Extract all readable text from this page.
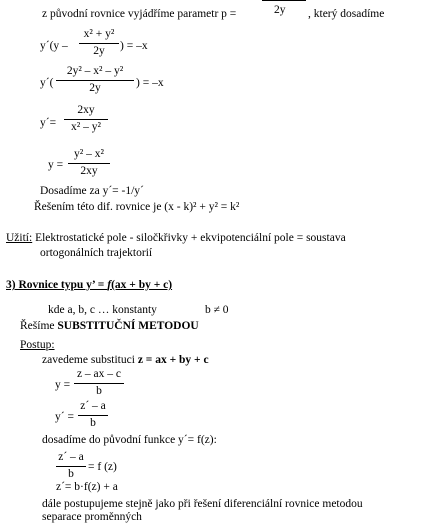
z původní rovnice vyjádříme parametr p =	2y , který dosadíme
y´(y – $\frac{\text{x² + y²}}{2y}$ ) = –x
y´( $\frac{\text{2y² – x² – y²}}{2y}$ ) = –x
y´= $\frac{2xy}{\text{x² – y²}}$
$y = \frac{\text{y² – x²}}{2xy}$
Dosadíme za y´= -1/y´
Řešením této dif. rovnice je (x - k)² + y² = k²
Užití: Elektrostatické pole - siločkřivky + ekvipotenciální pole = soustava
ortogonálních trajektorií
3) Rovnice typu y’ = f(ax + by + c)
kde a, b, c … konstanty	b ≠ 0
Řešíme SUBSTITUČNÍ METODOU
Postup:
zavedeme substituci z = ax + by + c
$y = \frac{z - ax - c}{b}$
y´ = $\frac{z´ - a}{b}$
dosadíme do původní funkce y´= f(z):
$\frac{z´ - a}{b} = f$ (z)
z´= b·f(z) + a
dále postupujeme stejně jako při řešení diferenciální rovnice metodou
separace proměnných
